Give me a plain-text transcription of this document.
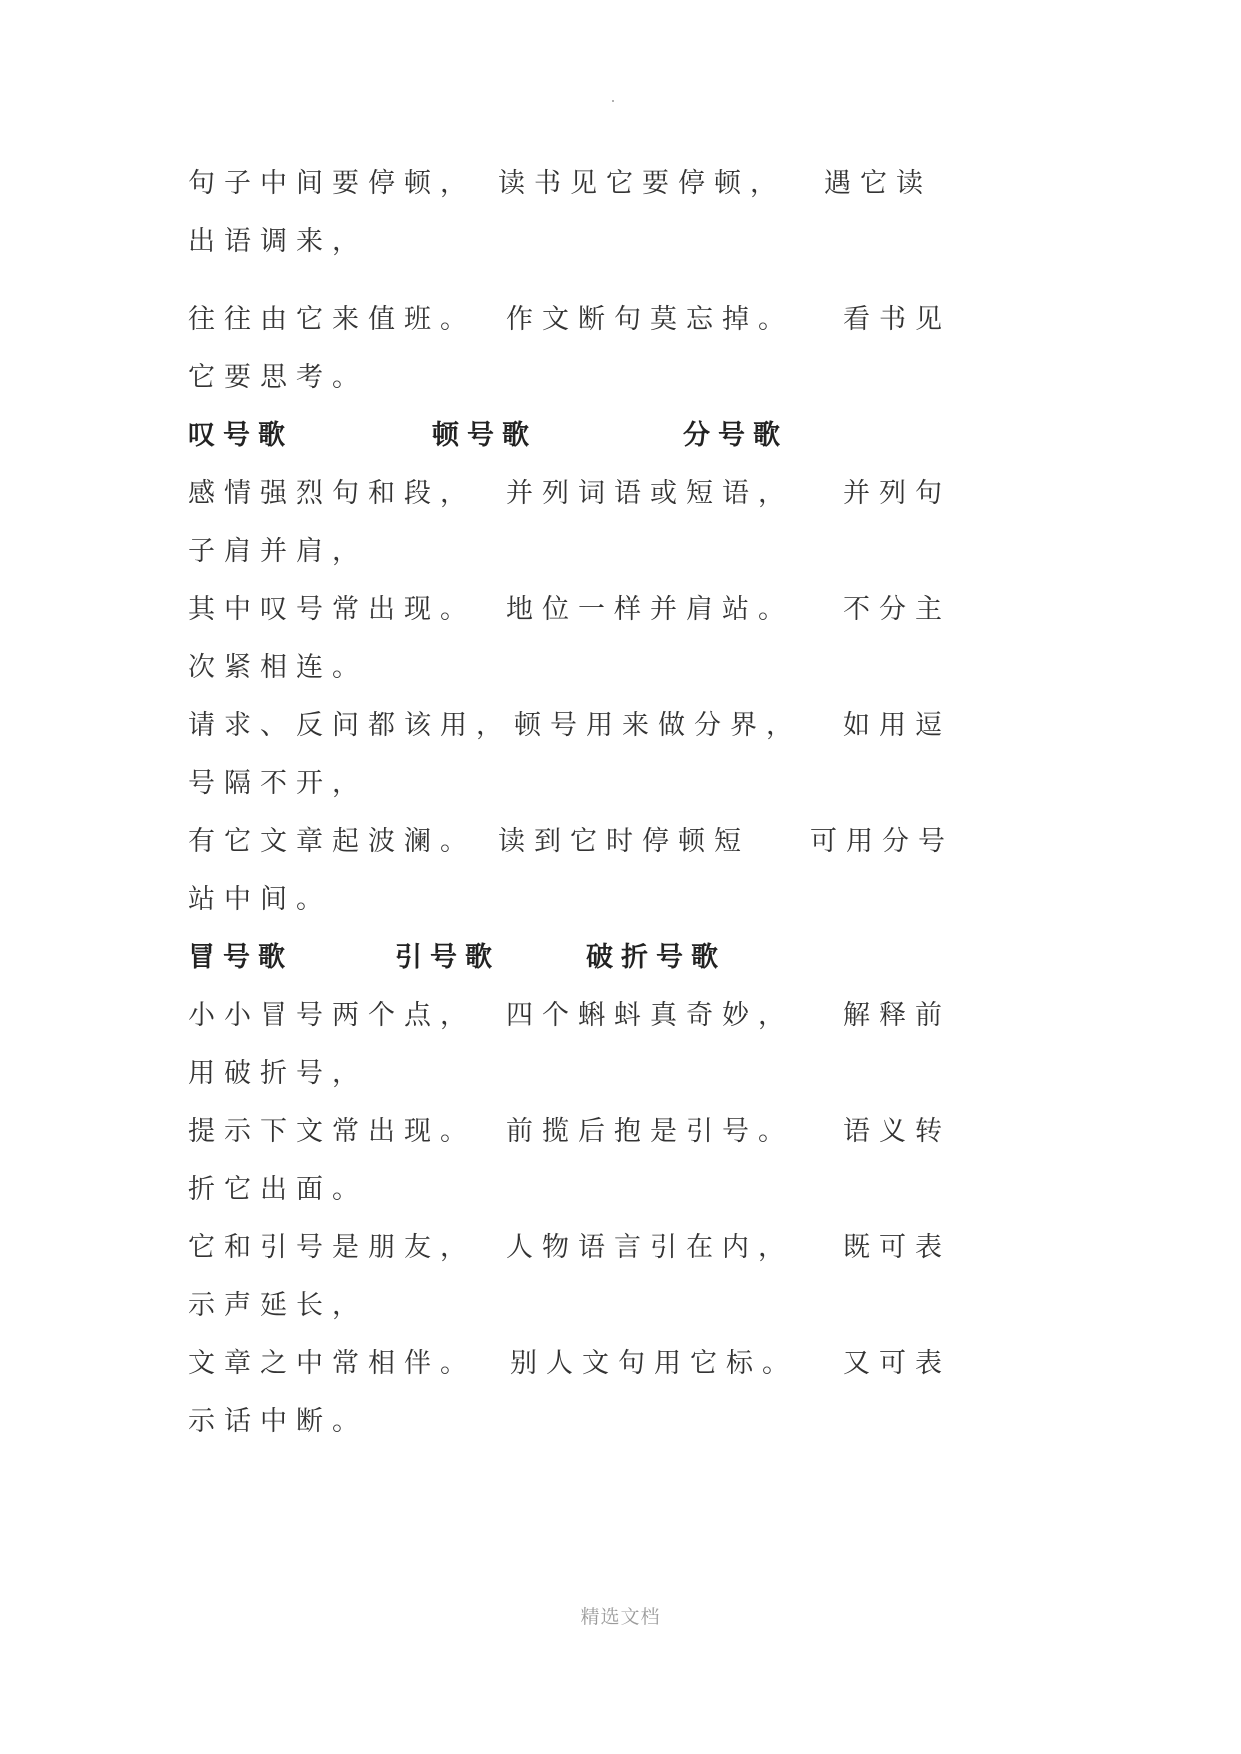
句子中间要停顿， 读书见它要停顿， 遇它读
出语调来，
往往由它来值班。 作文断句莫忘掉。 看书见
它要思考。
叹号歌	顿号歌	分号歌
感情强烈句和段， 并列词语或短语， 并列句
子肩并肩，
其中叹号常出现。 地位一样并肩站。 不分主
次紧相连。
请求、反问都该用， 顿号用来做分界， 如用逗
号隔不开，
有它文章起波澜。 读到它时停顿短 可用分号
站中间。
冒号歌	引号歌	破折号歌
小小冒号两个点， 四个蝌蚪真奇妙， 解释前
用破折号，
提示下文常出现。 前揽后抱是引号。 语义转
折它出面。
它和引号是朋友， 人物语言引在内， 既可表
示声延长，
文章之中常相伴。 别人文句用它标。 又可表
示话中断。
精选文档
